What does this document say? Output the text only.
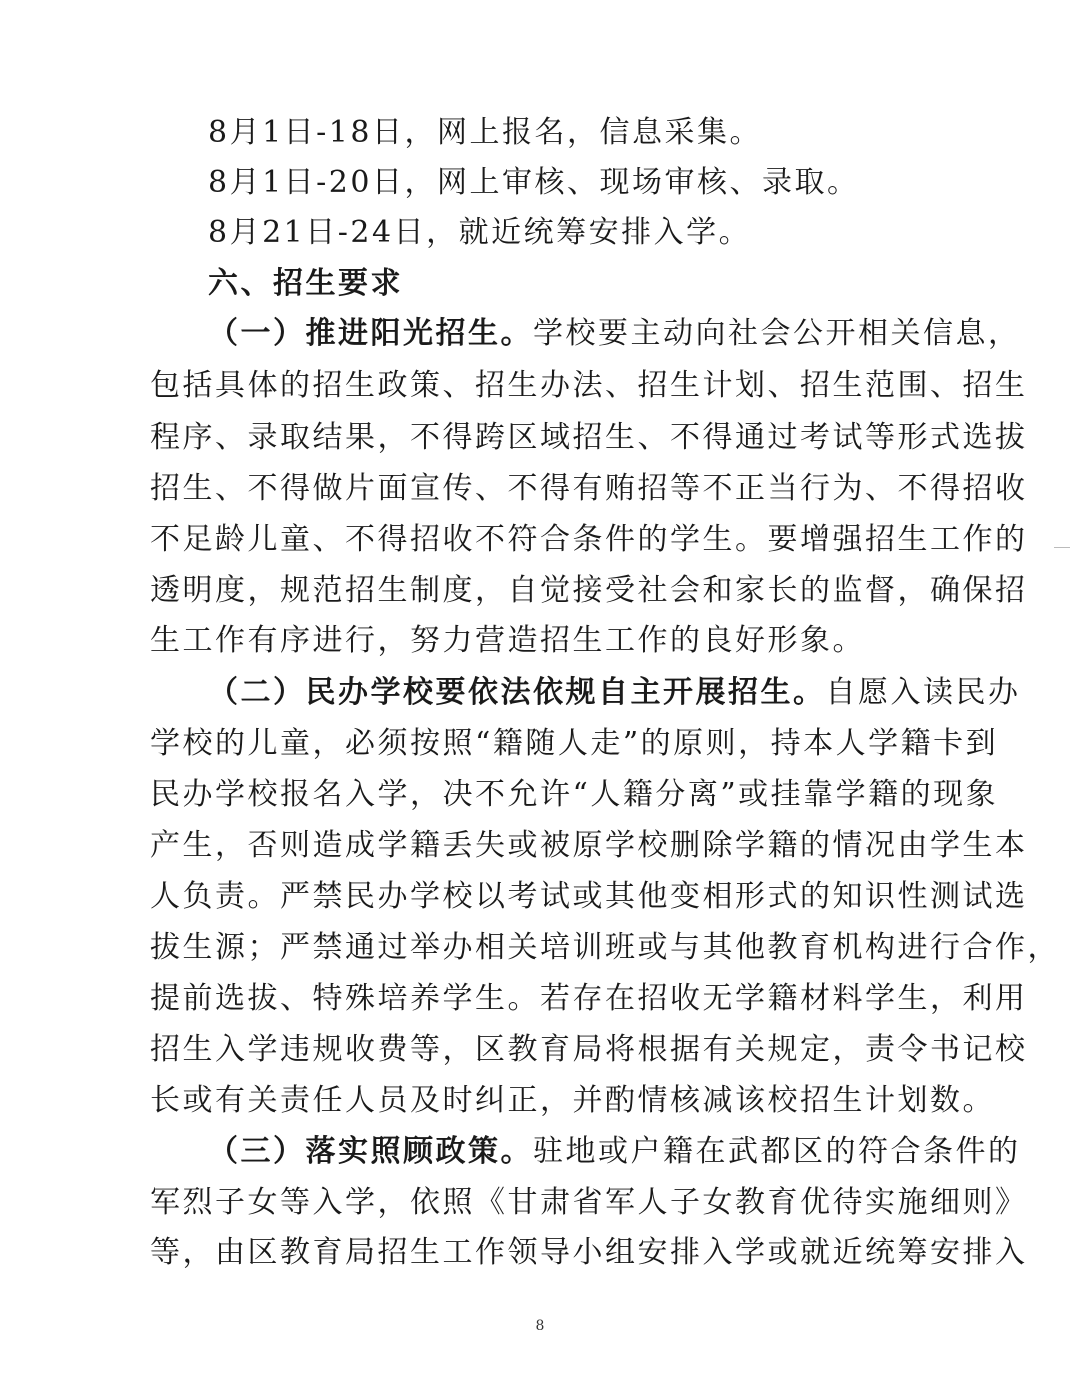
8月1日-18日，网上报名，信息采集。
8月1日-20日，网上审核、现场审核、录取。
8月21日-24日，就近统筹安排入学。
六、招生要求
（一）推进阳光招生。学校要主动向社会公开相关信息，
包括具体的招生政策、招生办法、招生计划、招生范围、招生
程序、录取结果，不得跨区域招生、不得通过考试等形式选拔
招生、不得做片面宣传、不得有贿招等不正当行为、不得招收
不足龄儿童、不得招收不符合条件的学生。要增强招生工作的
透明度，规范招生制度，自觉接受社会和家长的监督，确保招
生工作有序进行，努力营造招生工作的良好形象。
（二）民办学校要依法依规自主开展招生。自愿入读民办
学校的儿童，必须按照“籍随人走”的原则，持本人学籍卡到
民办学校报名入学，决不允许“人籍分离”或挂靠学籍的现象
产生，否则造成学籍丢失或被原学校删除学籍的情况由学生本
人负责。严禁民办学校以考试或其他变相形式的知识性测试选
拔生源；严禁通过举办相关培训班或与其他教育机构进行合作，
提前选拔、特殊培养学生。若存在招收无学籍材料学生，利用
招生入学违规收费等，区教育局将根据有关规定，责令书记校
长或有关责任人员及时纠正，并酌情核减该校招生计划数。
（三）落实照顾政策。驻地或户籍在武都区的符合条件的
军烈子女等入学，依照《甘肃省军人子女教育优待实施细则》
等，由区教育局招生工作领导小组安排入学或就近统筹安排入
8
